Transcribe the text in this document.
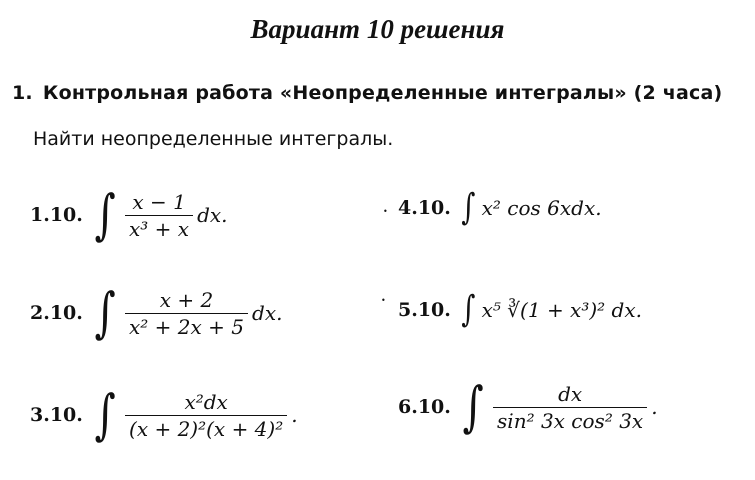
Вариант 10 решения
1. Контрольная работа «Неопределенные интегралы» (2 часа)
Найти неопределенные интегралы.
1.10. ∫ $\frac{x - 1}{\text{x³ + x}}$ dx.
2.10. ∫ $\frac{x + 2}{\text{x² + 2x + 5}}$ dx.
3.10. ∫ $\frac{\text{x²dx}}{\text{(x + 2)²(x + 4)²}}$ .
• 4.10. ∫ x² cos 6xdx.
• 5.10. ∫ x⁵ ∛(1 + x³)² dx.
6.10. ∫ $\frac{dx}{\text{sin² 3x cos² 3x}}$ .
